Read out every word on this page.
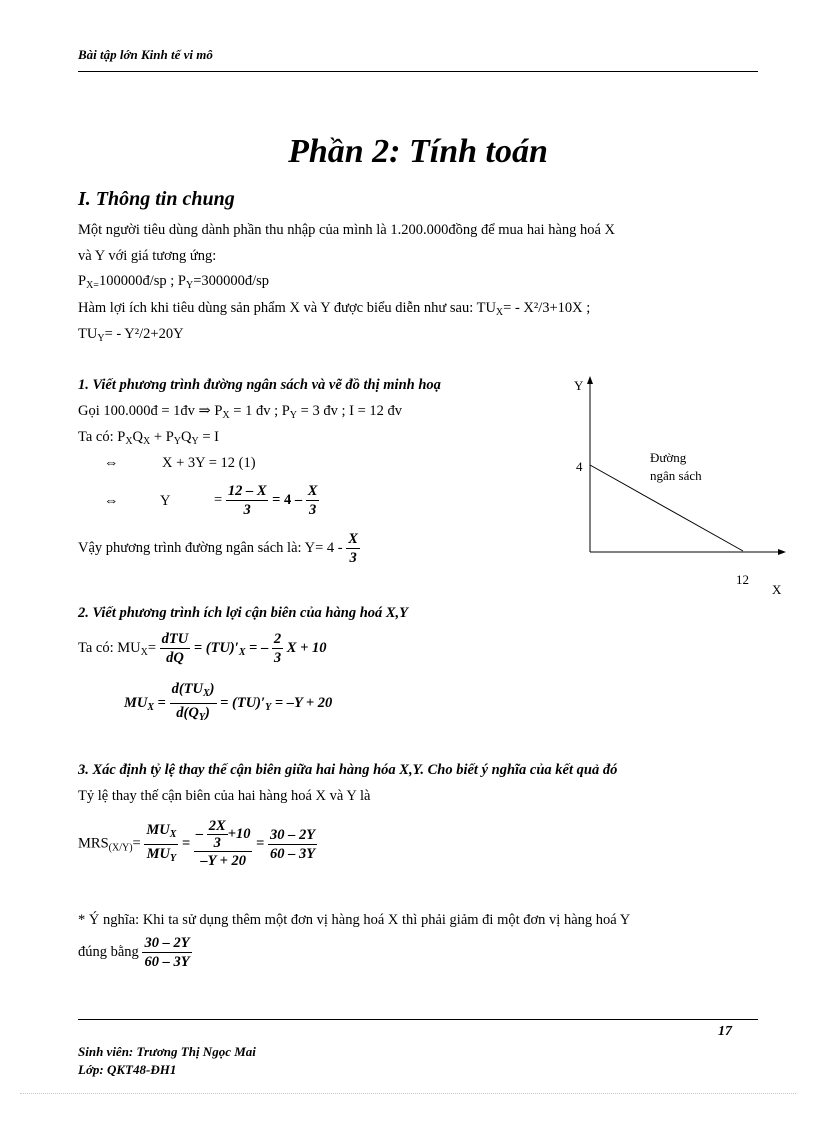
Bài tập lớn Kinh tế vi mô
Phần 2: Tính toán
I. Thông tin chung
Một người tiêu dùng dành phần thu nhập của mình là 1.200.000đồng để mua hai hàng hoá X
và Y với giá tương ứng:
$P_{X=}100000đ/sp$ ; $P_Y=300000đ/sp$
Hàm lợi ích khi tiêu dùng sản phẩm X và Y được biểu diễn như sau: $TU_X= - X^2/3+10X$ ;
$TU_Y= - Y^2/2+20Y$
1. Viết phương trình đường ngân sách và vẽ đồ thị minh hoạ
Gọi 100.000đ = 1đv ⇒ $P_X = 1$ đv ; $P_Y = 3$ đv ; I = 12 đv
Ta có: $P_XQ_X + P_YQ_Y = I$
⇔	X + 3Y = 12 (1)
⇔	Y	= $\frac{12 - X}{3} = 4 - \frac{X}{3}$
Vậy phương trình đường ngân sách là: $Y= 4 - \frac{X}{3}$
Y
4
Đường
ngân sách
12
X
2. Viết phương trình ích lợi cận biên của hàng hoá X,Y
Ta có: $MU_X= \frac{\text{dTU}}{dQ} = (TU)'_X$ = – $\frac{2}{3}$ X + 10
$MU_X = \frac{d(TU_X)}{d(Q_Y)} = (TU)'_Y = -Y + 20$
3. Xác định tỷ lệ thay thế cận biên giữa hai hàng hóa X,Y. Cho biết ý nghĩa của kết quả đó
Tỷ lệ thay thế cận biên của hai hàng hoá X và Y là
$MRS_{(X/Y)}= \frac{MU_X}{MU_Y} = \frac{- \frac{2X}{3} +10}{-Y + 20} = \frac{30 - 2Y}{60 - 3Y}$
* Ý nghĩa: Khi ta sử dụng thêm một đơn vị hàng hoá X thì phải giảm đi một đơn vị hàng hoá Y
đúng bằng $\frac{30 - 2Y}{60 - 3Y}$
17
Sinh viên: Trương Thị Ngọc Mai
Lớp: QKT48-ĐH1
